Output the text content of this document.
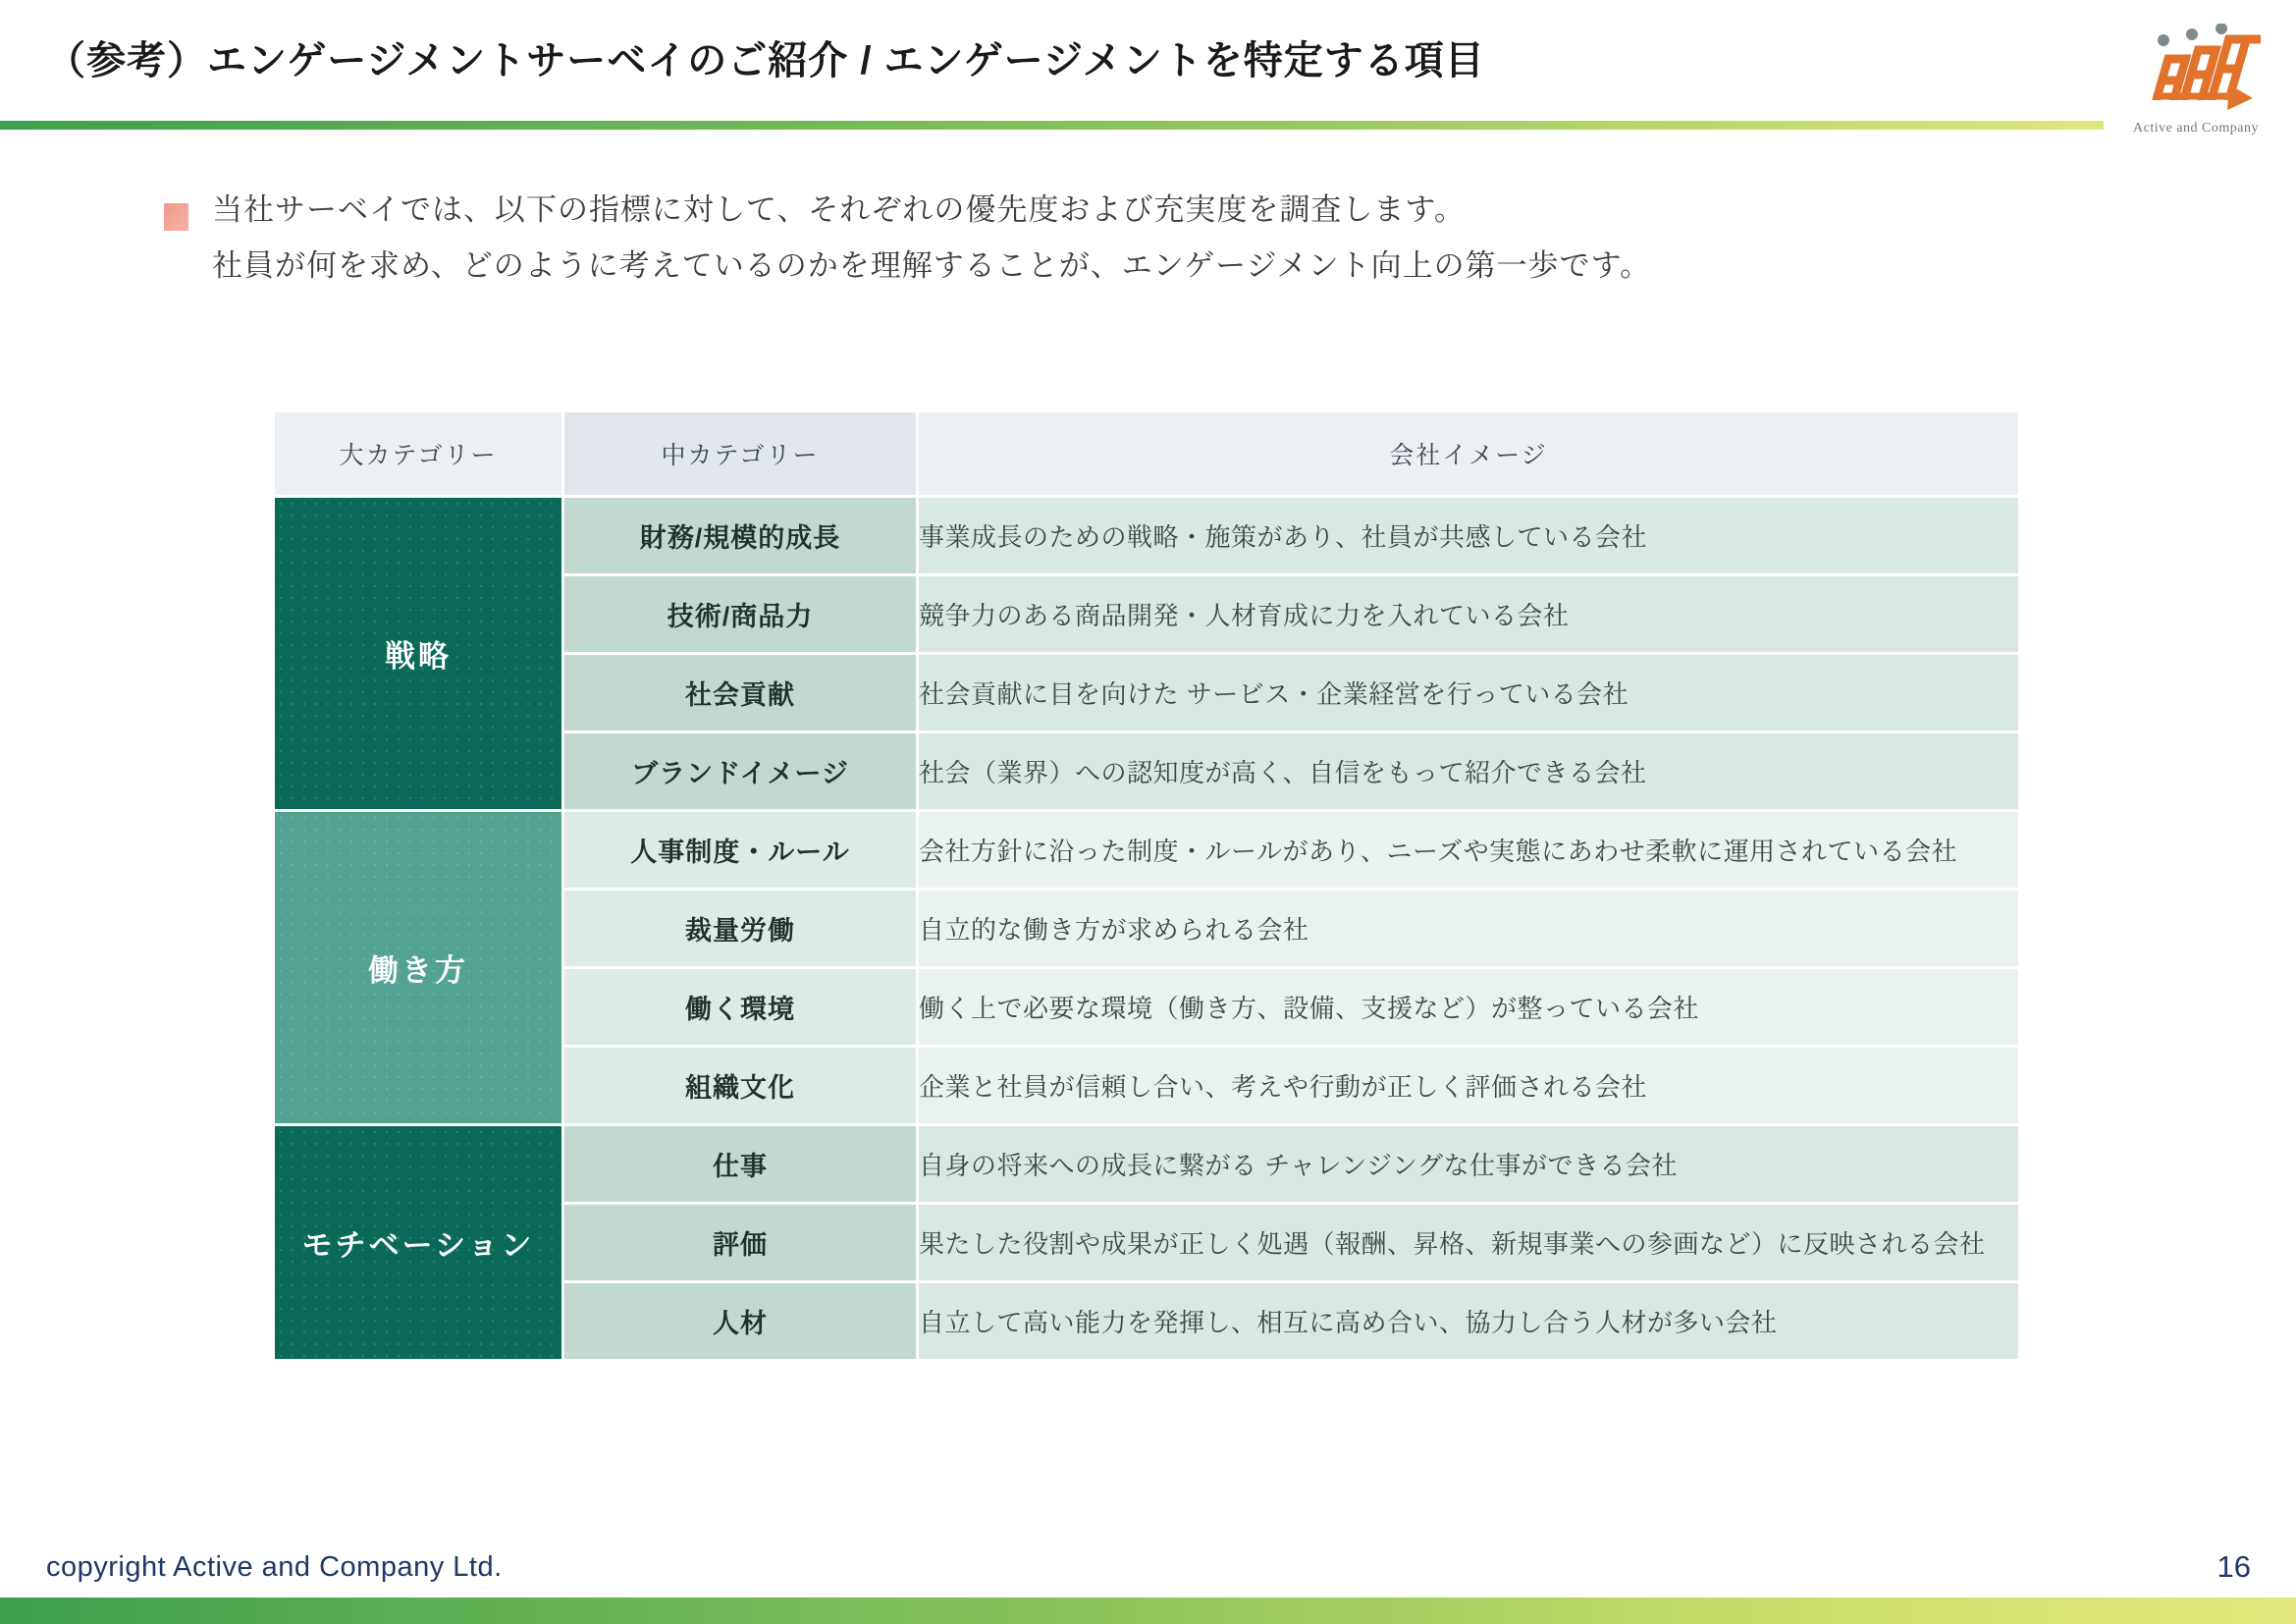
（参考）エンゲージメントサーベイのご紹介 / エンゲージメントを特定する項目
Active and Company
当社サーベイでは、以下の指標に対して、それぞれの優先度および充実度を調査します。
社員が何を求め、どのように考えているのかを理解することが、エンゲージメント向上の第一歩です。
大カテゴリー	中カテゴリー	会社イメージ
戦略	財務/規模的成長	事業成長のための戦略・施策があり、社員が共感している会社
	技術/商品力	競争力のある商品開発・人材育成に力を入れている会社
	社会貢献	社会貢献に目を向けた サービス・企業経営を行っている会社
	ブランドイメージ	社会（業界）への認知度が高く、自信をもって紹介できる会社
働き方	人事制度・ルール	会社方針に沿った制度・ルールがあり、ニーズや実態にあわせ柔軟に運用されている会社
	裁量労働	自立的な働き方が求められる会社
	働く環境	働く上で必要な環境（働き方、設備、支援など）が整っている会社
	組織文化	企業と社員が信頼し合い、考えや行動が正しく評価される会社
モチベーション	仕事	自身の将来への成長に繋がる チャレンジングな仕事ができる会社
	評価	果たした役割や成果が正しく処遇（報酬、昇格、新規事業への参画など）に反映される会社
	人材	自立して高い能力を発揮し、相互に高め合い、協力し合う人材が多い会社
copyright Active and Company Ltd.	16
